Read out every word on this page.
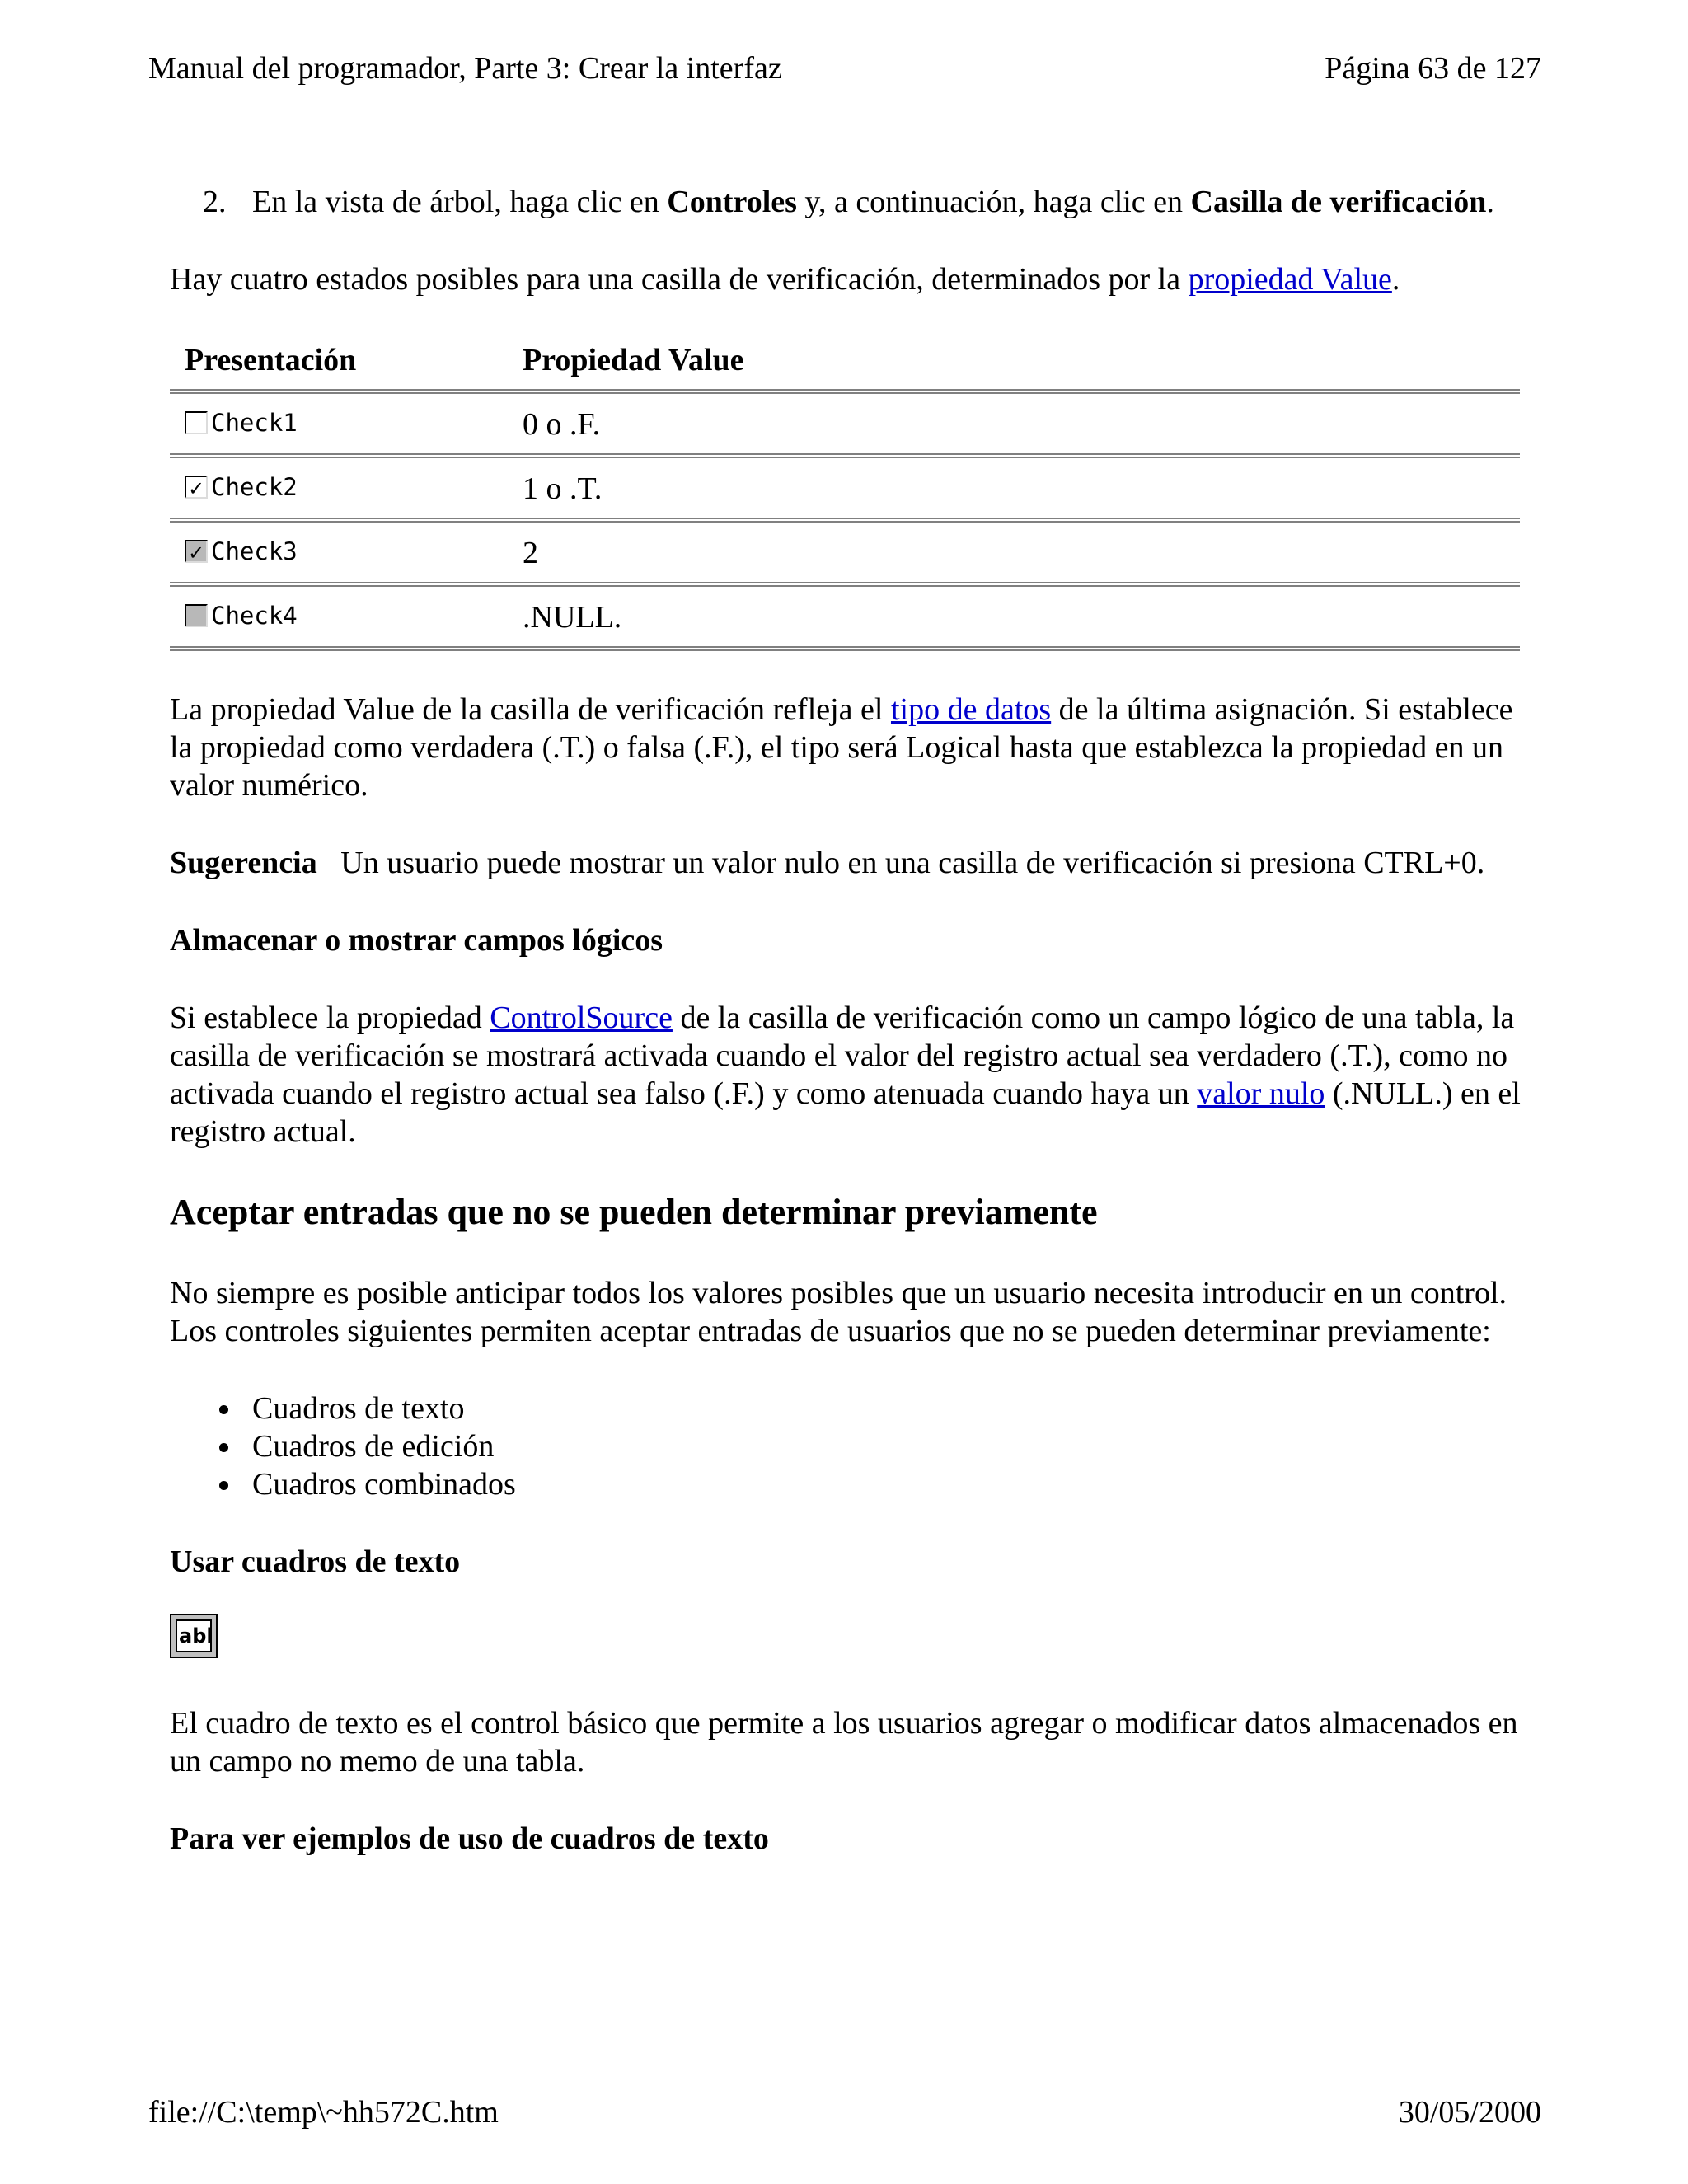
Manual del programador, Parte 3: Crear la interfaz	Página 63 de 127

2. En la vista de árbol, haga clic en Controles y, a continuación, haga clic en Casilla de verificación.

Hay cuatro estados posibles para una casilla de verificación, determinados por la propiedad Value.

Presentación	Propiedad Value

Check1	0 o .F.

✓ Check2	1 o .T.

✓ Check3	2

Check4	.NULL.

La propiedad Value de la casilla de verificación refleja el tipo de datos de la última asignación. Si establece la propiedad como verdadera (.T.) o falsa (.F.), el tipo será Logical hasta que establezca la propiedad en un valor numérico.

Sugerencia Un usuario puede mostrar un valor nulo en una casilla de verificación si presiona CTRL+0.

Almacenar o mostrar campos lógicos

Si establece la propiedad ControlSource de la casilla de verificación como un campo lógico de una tabla, la casilla de verificación se mostrará activada cuando el valor del registro actual sea verdadero (.T.), como no activada cuando el registro actual sea falso (.F.) y como atenuada cuando haya un valor nulo (.NULL.) en el registro actual.

Aceptar entradas que no se pueden determinar previamente

No siempre es posible anticipar todos los valores posibles que un usuario necesita introducir en un control. Los controles siguientes permiten aceptar entradas de usuarios que no se pueden determinar previamente:

Cuadros de texto
Cuadros de edición
Cuadros combinados
Usar cuadros de texto
abl

El cuadro de texto es el control básico que permite a los usuarios agregar o modificar datos almacenados en un campo no memo de una tabla.

Para ver ejemplos de uso de cuadros de texto
file://C:\temp\~hh572C.htm	30/05/2000
